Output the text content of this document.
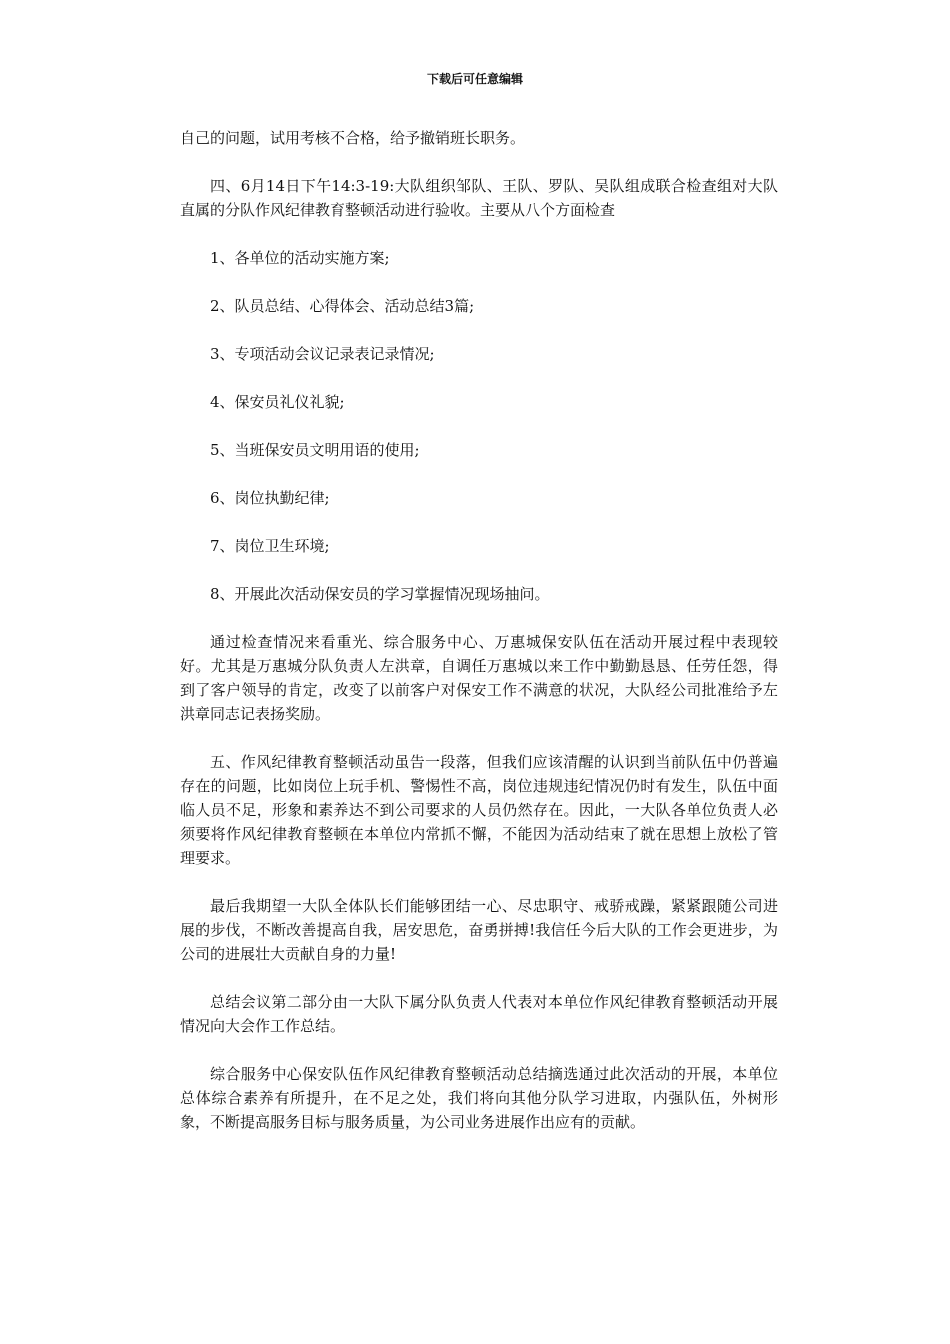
下载后可任意编辑

自己的问题，试用考核不合格，给予撤销班长职务。

四、6月14日下午14:3-19:大队组织邹队、王队、罗队、吴队组成联合检查组对大队直属的分队作风纪律教育整顿活动进行验收。主要从八个方面检查

1、各单位的活动实施方案;

2、队员总结、心得体会、活动总结3篇;

3、专项活动会议记录表记录情况;

4、保安员礼仪礼貌;

5、当班保安员文明用语的使用;

6、岗位执勤纪律;

7、岗位卫生环境;

8、开展此次活动保安员的学习掌握情况现场抽问。

通过检查情况来看重光、综合服务中心、万惠城保安队伍在活动开展过程中表现较好。尤其是万惠城分队负责人左洪章，自调任万惠城以来工作中勤勤恳恳、任劳任怨，得到了客户领导的肯定，改变了以前客户对保安工作不满意的状况，大队经公司批准给予左洪章同志记表扬奖励。

五、作风纪律教育整顿活动虽告一段落，但我们应该清醒的认识到当前队伍中仍普遍存在的问题，比如岗位上玩手机、警惕性不高，岗位违规违纪情况仍时有发生，队伍中面临人员不足，形象和素养达不到公司要求的人员仍然存在。因此，一大队各单位负责人必须要将作风纪律教育整顿在本单位内常抓不懈，不能因为活动结束了就在思想上放松了管理要求。

最后我期望一大队全体队长们能够团结一心、尽忠职守、戒骄戒躁，紧紧跟随公司进展的步伐，不断改善提高自我，居安思危，奋勇拼搏!我信任今后大队的工作会更进步，为公司的进展壮大贡献自身的力量!

总结会议第二部分由一大队下属分队负责人代表对本单位作风纪律教育整顿活动开展情况向大会作工作总结。

综合服务中心保安队伍作风纪律教育整顿活动总结摘选通过此次活动的开展，本单位总体综合素养有所提升，在不足之处，我们将向其他分队学习进取，内强队伍，外树形象，不断提高服务目标与服务质量，为公司业务进展作出应有的贡献。
